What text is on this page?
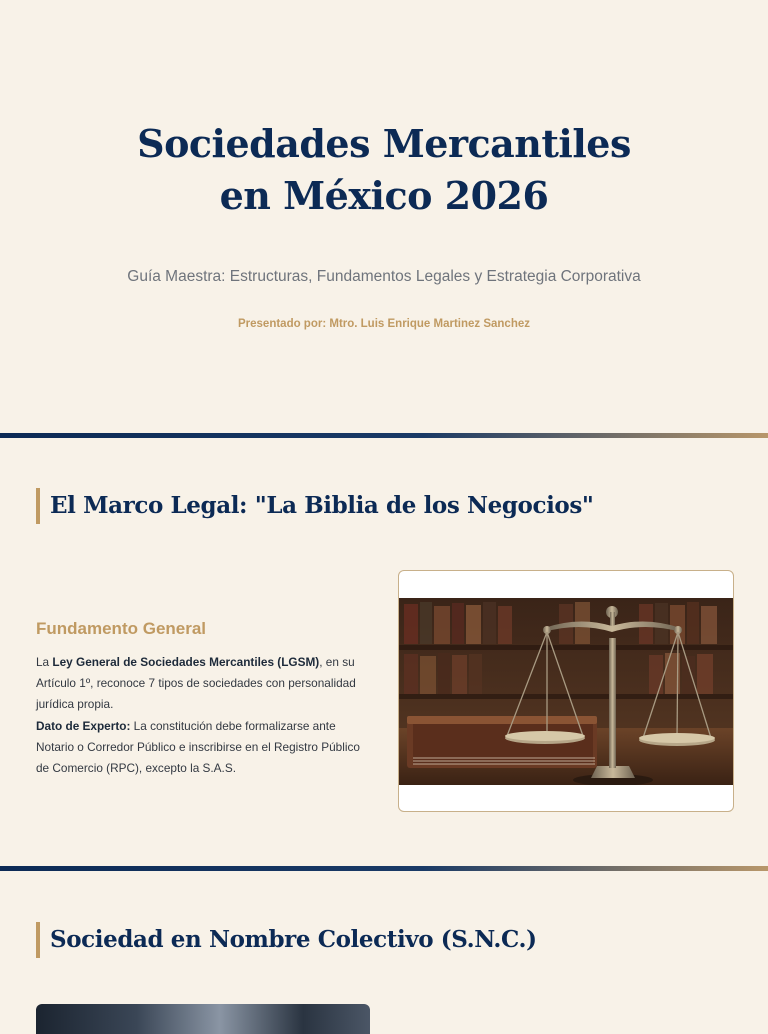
Sociedades Mercantiles
en México 2026
Guía Maestra: Estructuras, Fundamentos Legales y Estrategia Corporativa
Presentado por: Mtro. Luis Enrique Martinez Sanchez
El Marco Legal: "La Biblia de los Negocios"
Fundamento General
La Ley General de Sociedades Mercantiles (LGSM), en su Artículo 1º, reconoce 7 tipos de sociedades con personalidad jurídica propia.
Dato de Experto: La constitución debe formalizarse ante Notario o Corredor Público e inscribirse en el Registro Público de Comercio (RPC), excepto la S.A.S.
Sociedad en Nombre Colectivo (S.N.C.)
